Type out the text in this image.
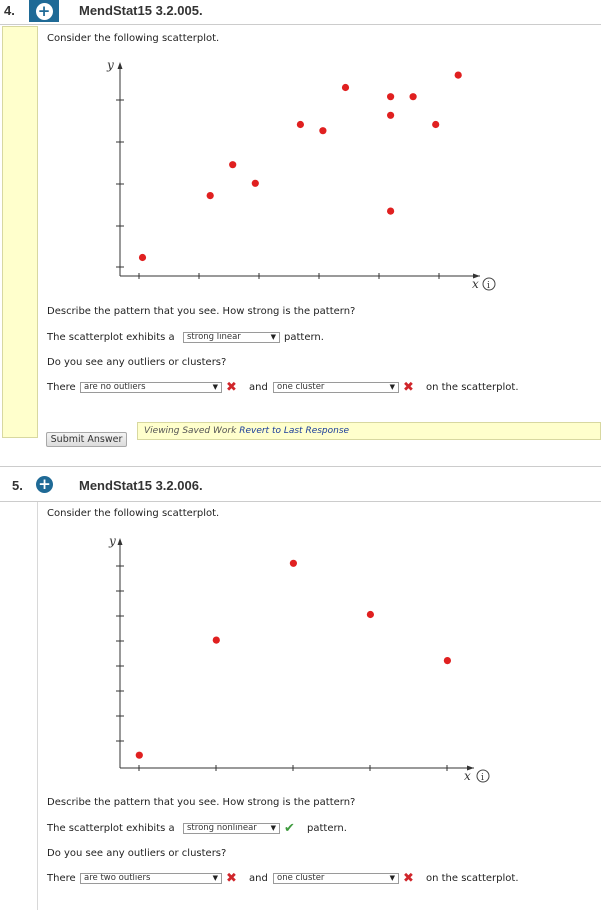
4. + MendStat15 3.2.005.
Consider the following scatterplot.
y
x i
Describe the pattern that you see. How strong is the pattern?
The scatterplot exhibits a	strong linear	▼ pattern.
Do you see any outliers or clusters?
There are no outliers	▼ ✖ and	one cluster	▼ ✖ on the scatterplot.
Viewing Saved Work Revert to Last Response
Submit Answer
5. + MendStat15 3.2.006.
Consider the following scatterplot.
y
x i
Describe the pattern that you see. How strong is the pattern?
The scatterplot exhibits a	strong nonlinear ▼ ✔ pattern.
Do you see any outliers or clusters?
There are two outliers	▼ ✖ and	one cluster	▼ ✖ on the scatterplot.
